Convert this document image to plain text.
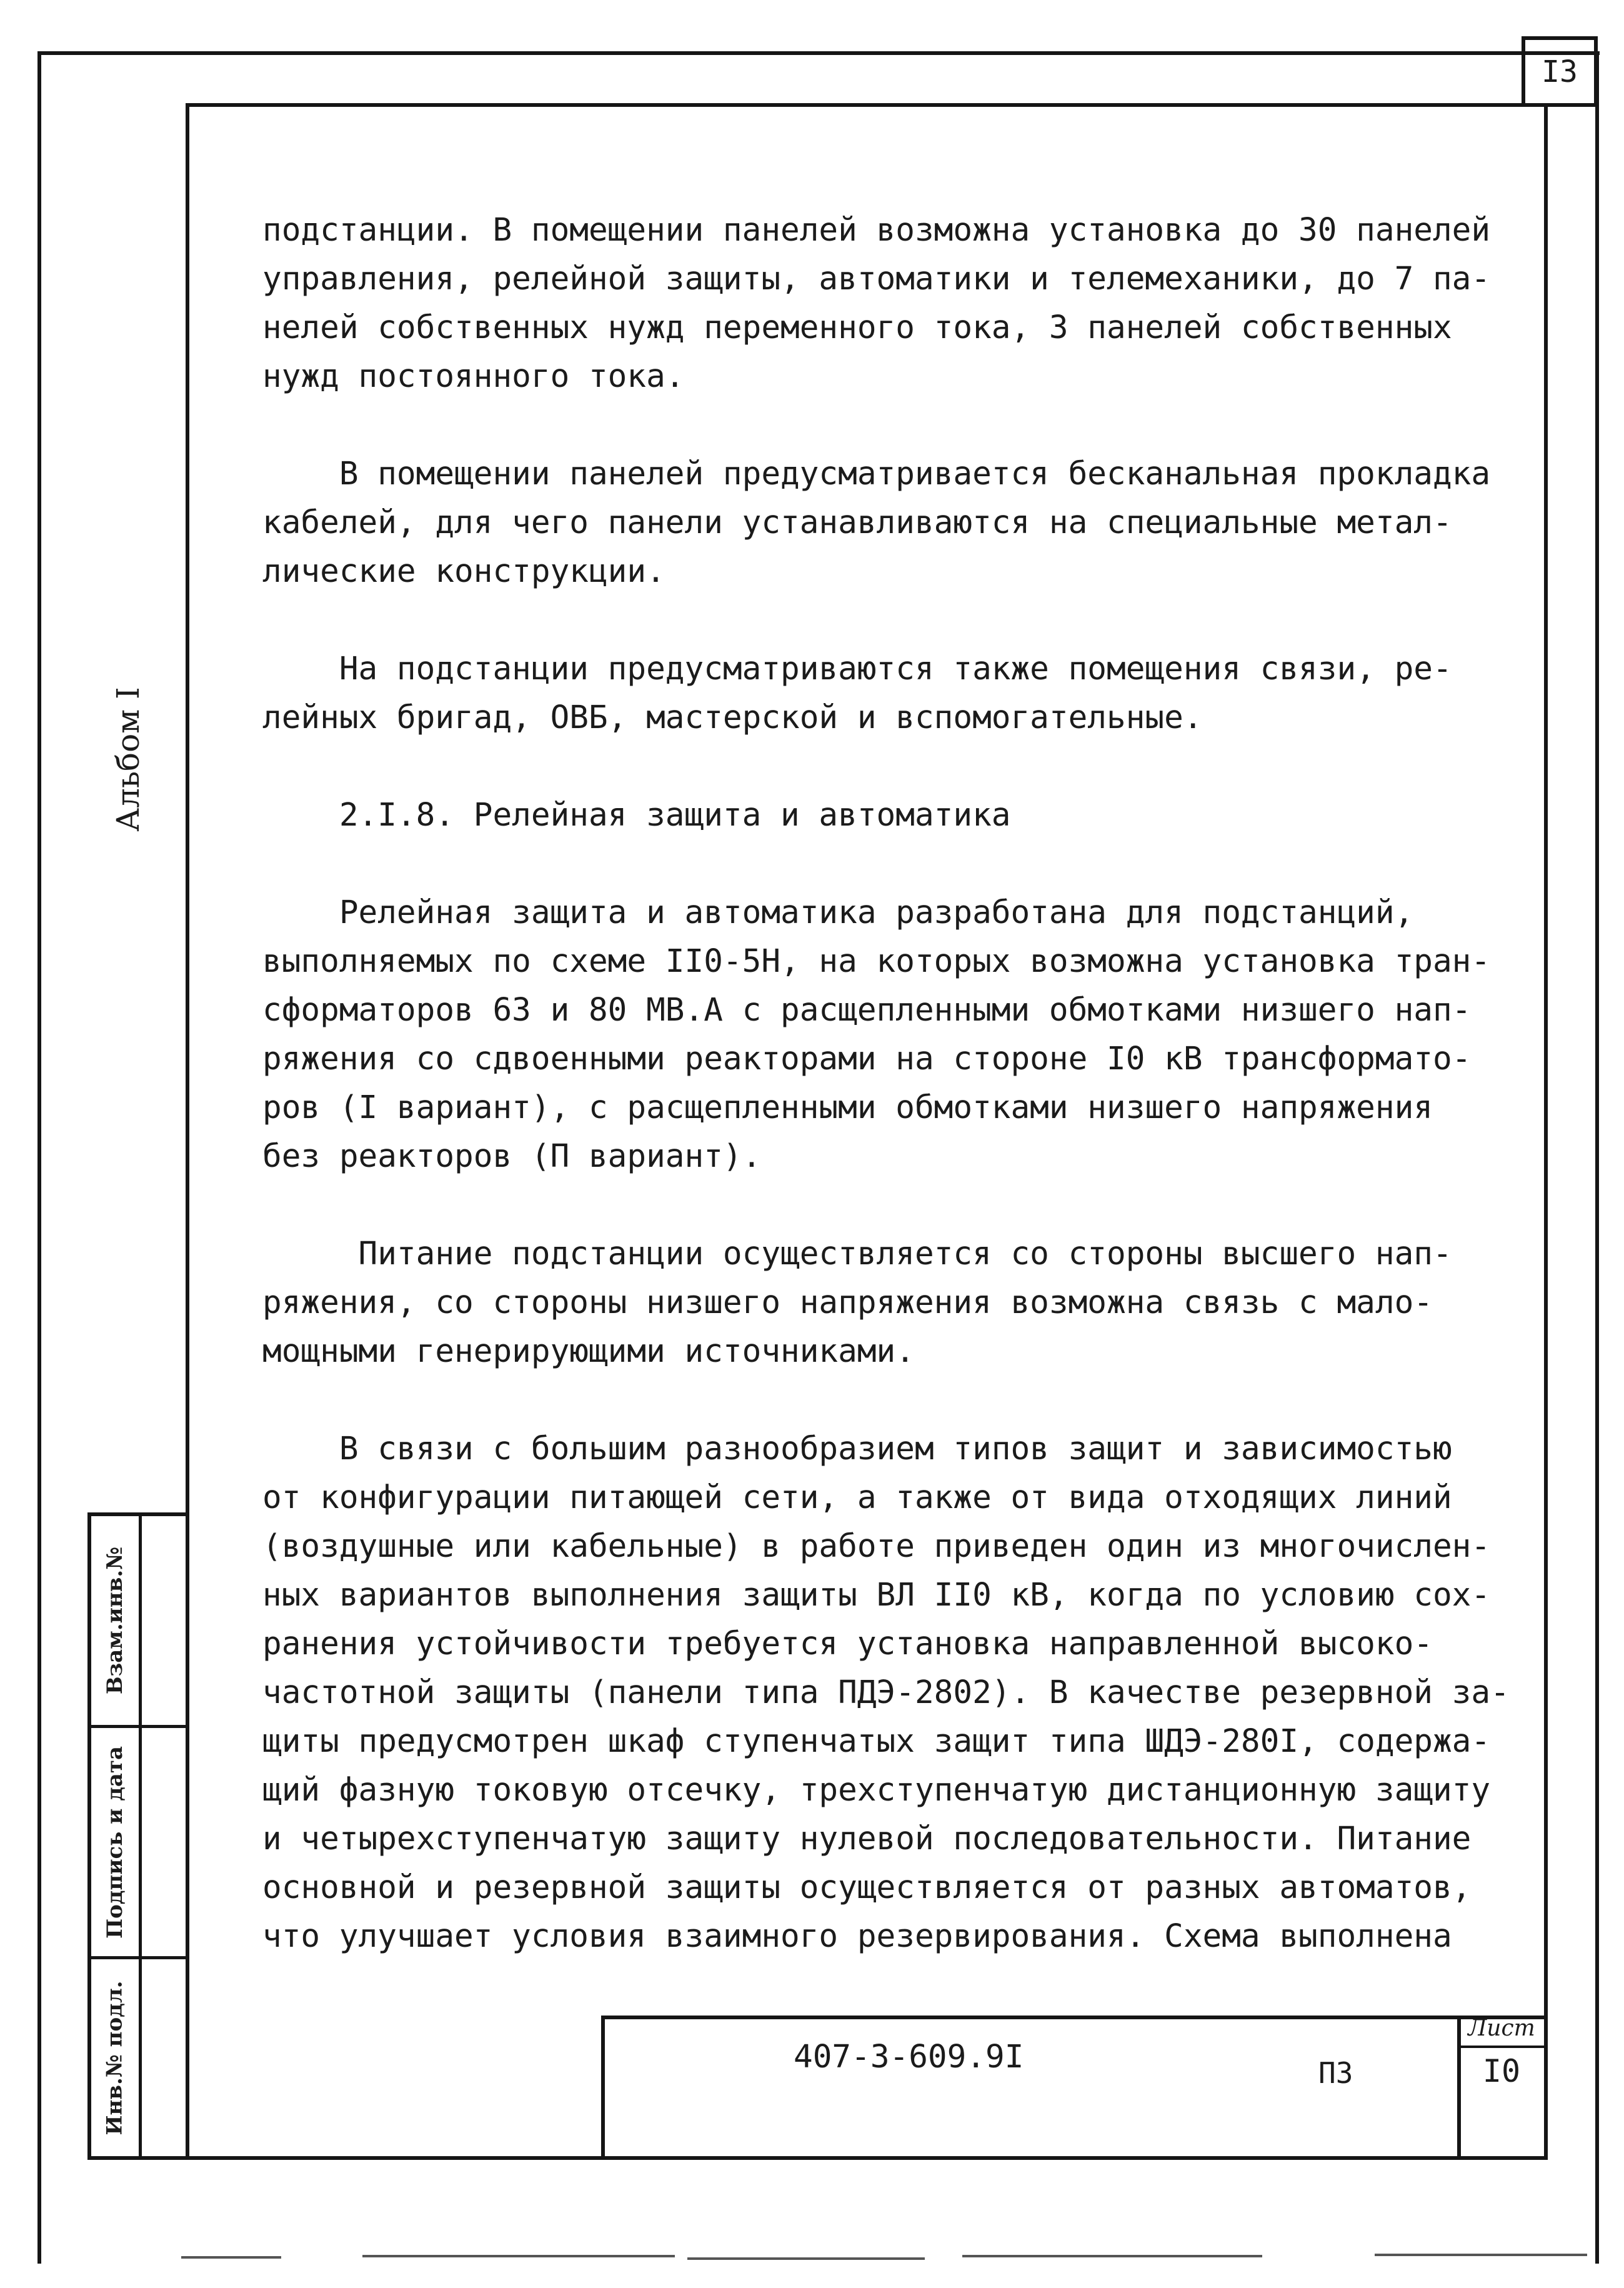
I3
Альбом I
Взам.инв.№
Подпись и дата
Инв.№ подл.

подстанции. В помещении панелей возможна установка до 30 панелей

управления, релейной защиты, автоматики и телемеханики, до 7 па-

нелей собственных нужд переменного тока, 3 панелей собственных

нужд постоянного тока.

В помещении панелей предусматривается бесканальная прокладка

кабелей, для чего панели устанавливаются на специальные метал-

лические конструкции.

На подстанции предусматриваются также помещения связи, ре-

лейных бригад, ОВБ, мастерской и вспомогательные.

2.I.8. Релейная защита и автоматика

Релейная защита и автоматика разработана для подстанций,

выполняемых по схеме II0-5Н, на которых возможна установка тран-

сформаторов 63 и 80 МВ.А с расщепленными обмотками низшего нап-

ряжения со сдвоенными реакторами на стороне I0 кВ трансформато-

ров (I вариант), с расщепленными обмотками низшего напряжения

без реакторов (П вариант).

Питание подстанции осуществляется со стороны высшего нап-

ряжения, со стороны низшего напряжения возможна связь с мало-

мощными генерирующими источниками.

В связи с большим разнообразием типов защит и зависимостью

от конфигурации питающей сети, а также от вида отходящих линий

(воздушные или кабельные) в работе приведен один из многочислен-

ных вариантов выполнения защиты ВЛ II0 кВ, когда по условию сох-

ранения устойчивости требуется установка направленной высоко-

частотной защиты (панели типа ПДЭ-2802). В качестве резервной за-

щиты предусмотрен шкаф ступенчатых защит типа ШДЭ-280I, содержа-

щий фазную токовую отсечку, трехступенчатую дистанционную защиту

и четырехступенчатую защиту нулевой последовательности. Питание

основной и резервной защиты осуществляется от разных автоматов,

что улучшает условия взаимного резервирования. Схема выполнена

407-3-609.9I	ПЗ
Лист
I0
